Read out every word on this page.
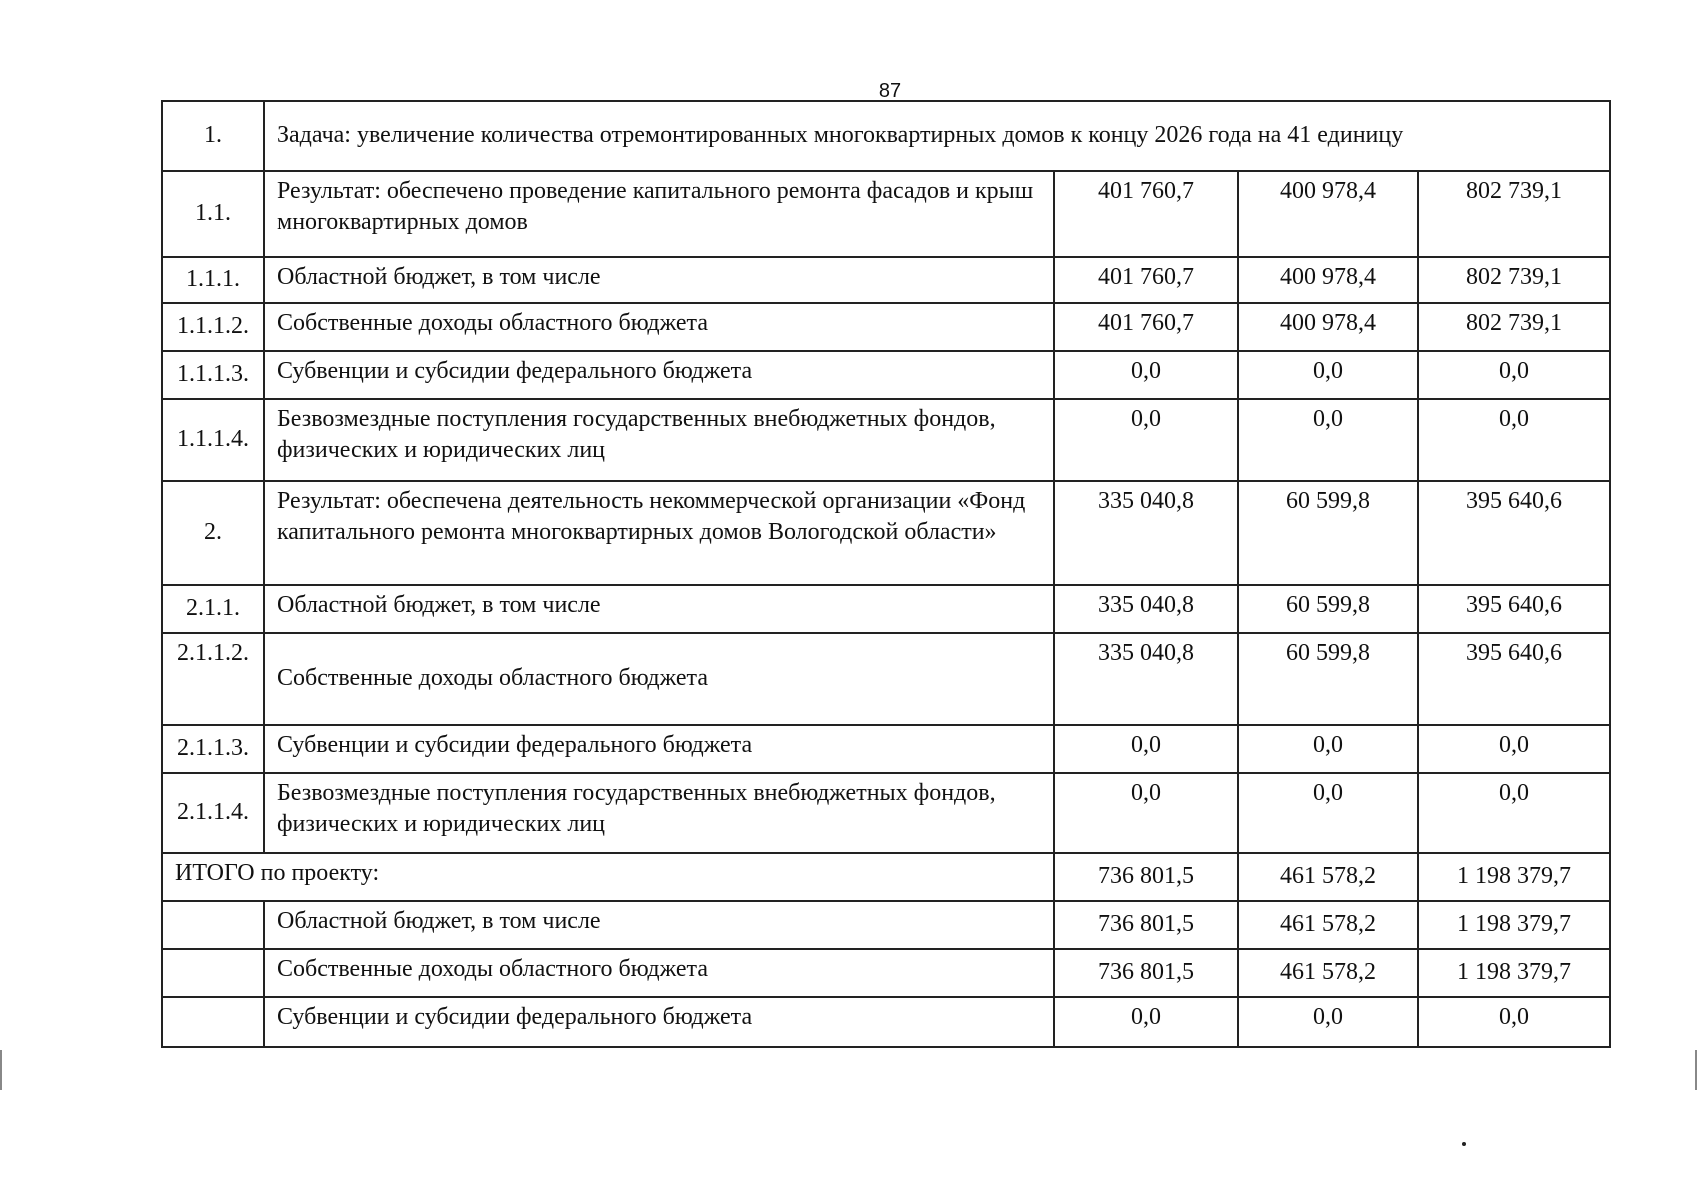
87
1.	Задача: увеличение количества отремонтированных многоквартирных домов к концу 2026 года на 41 единицу			
1.1.	Результат: обеспечено проведение капитального ремонта фасадов и крыш многоквартирных домов	401 760,7	400 978,4	802 739,1
1.1.1.	Областной бюджет, в том числе	401 760,7	400 978,4	802 739,1
1.1.1.2.	Собственные доходы областного бюджета	401 760,7	400 978,4	802 739,1
1.1.1.3.	Субвенции и субсидии федерального бюджета	0,0	0,0	0,0
1.1.1.4.	Безвозмездные поступления государственных внебюджетных фондов, физических и юридических лиц	0,0	0,0	0,0
2.	Результат: обеспечена деятельность некоммерческой организации «Фонд капитального ремонта многоквартирных домов Вологодской области»	335 040,8	60 599,8	395 640,6
2.1.1.	Областной бюджет, в том числе	335 040,8	60 599,8	395 640,6
2.1.1.2.	Собственные доходы областного бюджета	335 040,8	60 599,8	395 640,6
2.1.1.3.	Субвенции и субсидии федерального бюджета	0,0	0,0	0,0
2.1.1.4.	Безвозмездные поступления государственных внебюджетных фондов, физических и юридических лиц	0,0	0,0	0,0
ИТОГО по проекту:		736 801,5	461 578,2	1 198 379,7
	Областной бюджет, в том числе	736 801,5	461 578,2	1 198 379,7
	Собственные доходы областного бюджета	736 801,5	461 578,2	1 198 379,7
	Субвенции и субсидии федерального бюджета	0,0	0,0	0,0
